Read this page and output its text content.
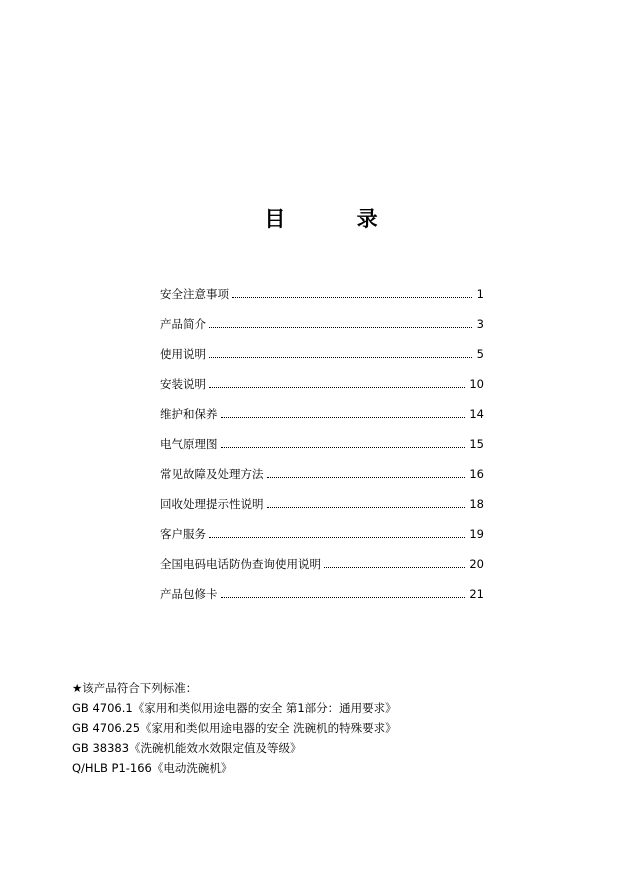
目 录
安全注意事项	1
产品简介	3
使用说明	5
安装说明	10
维护和保养	14
电气原理图	15
常见故障及处理方法	16
回收处理提示性说明	18
客户服务	19
全国电码电话防伪查询使用说明	20
产品包修卡	21
★该产品符合下列标准：
GB 4706.1《家用和类似用途电器的安全 第1部分：通用要求》
GB 4706.25《家用和类似用途电器的安全 洗碗机的特殊要求》
GB 38383《洗碗机能效水效限定值及等级》
Q/HLB P1-166《电动洗碗机》
